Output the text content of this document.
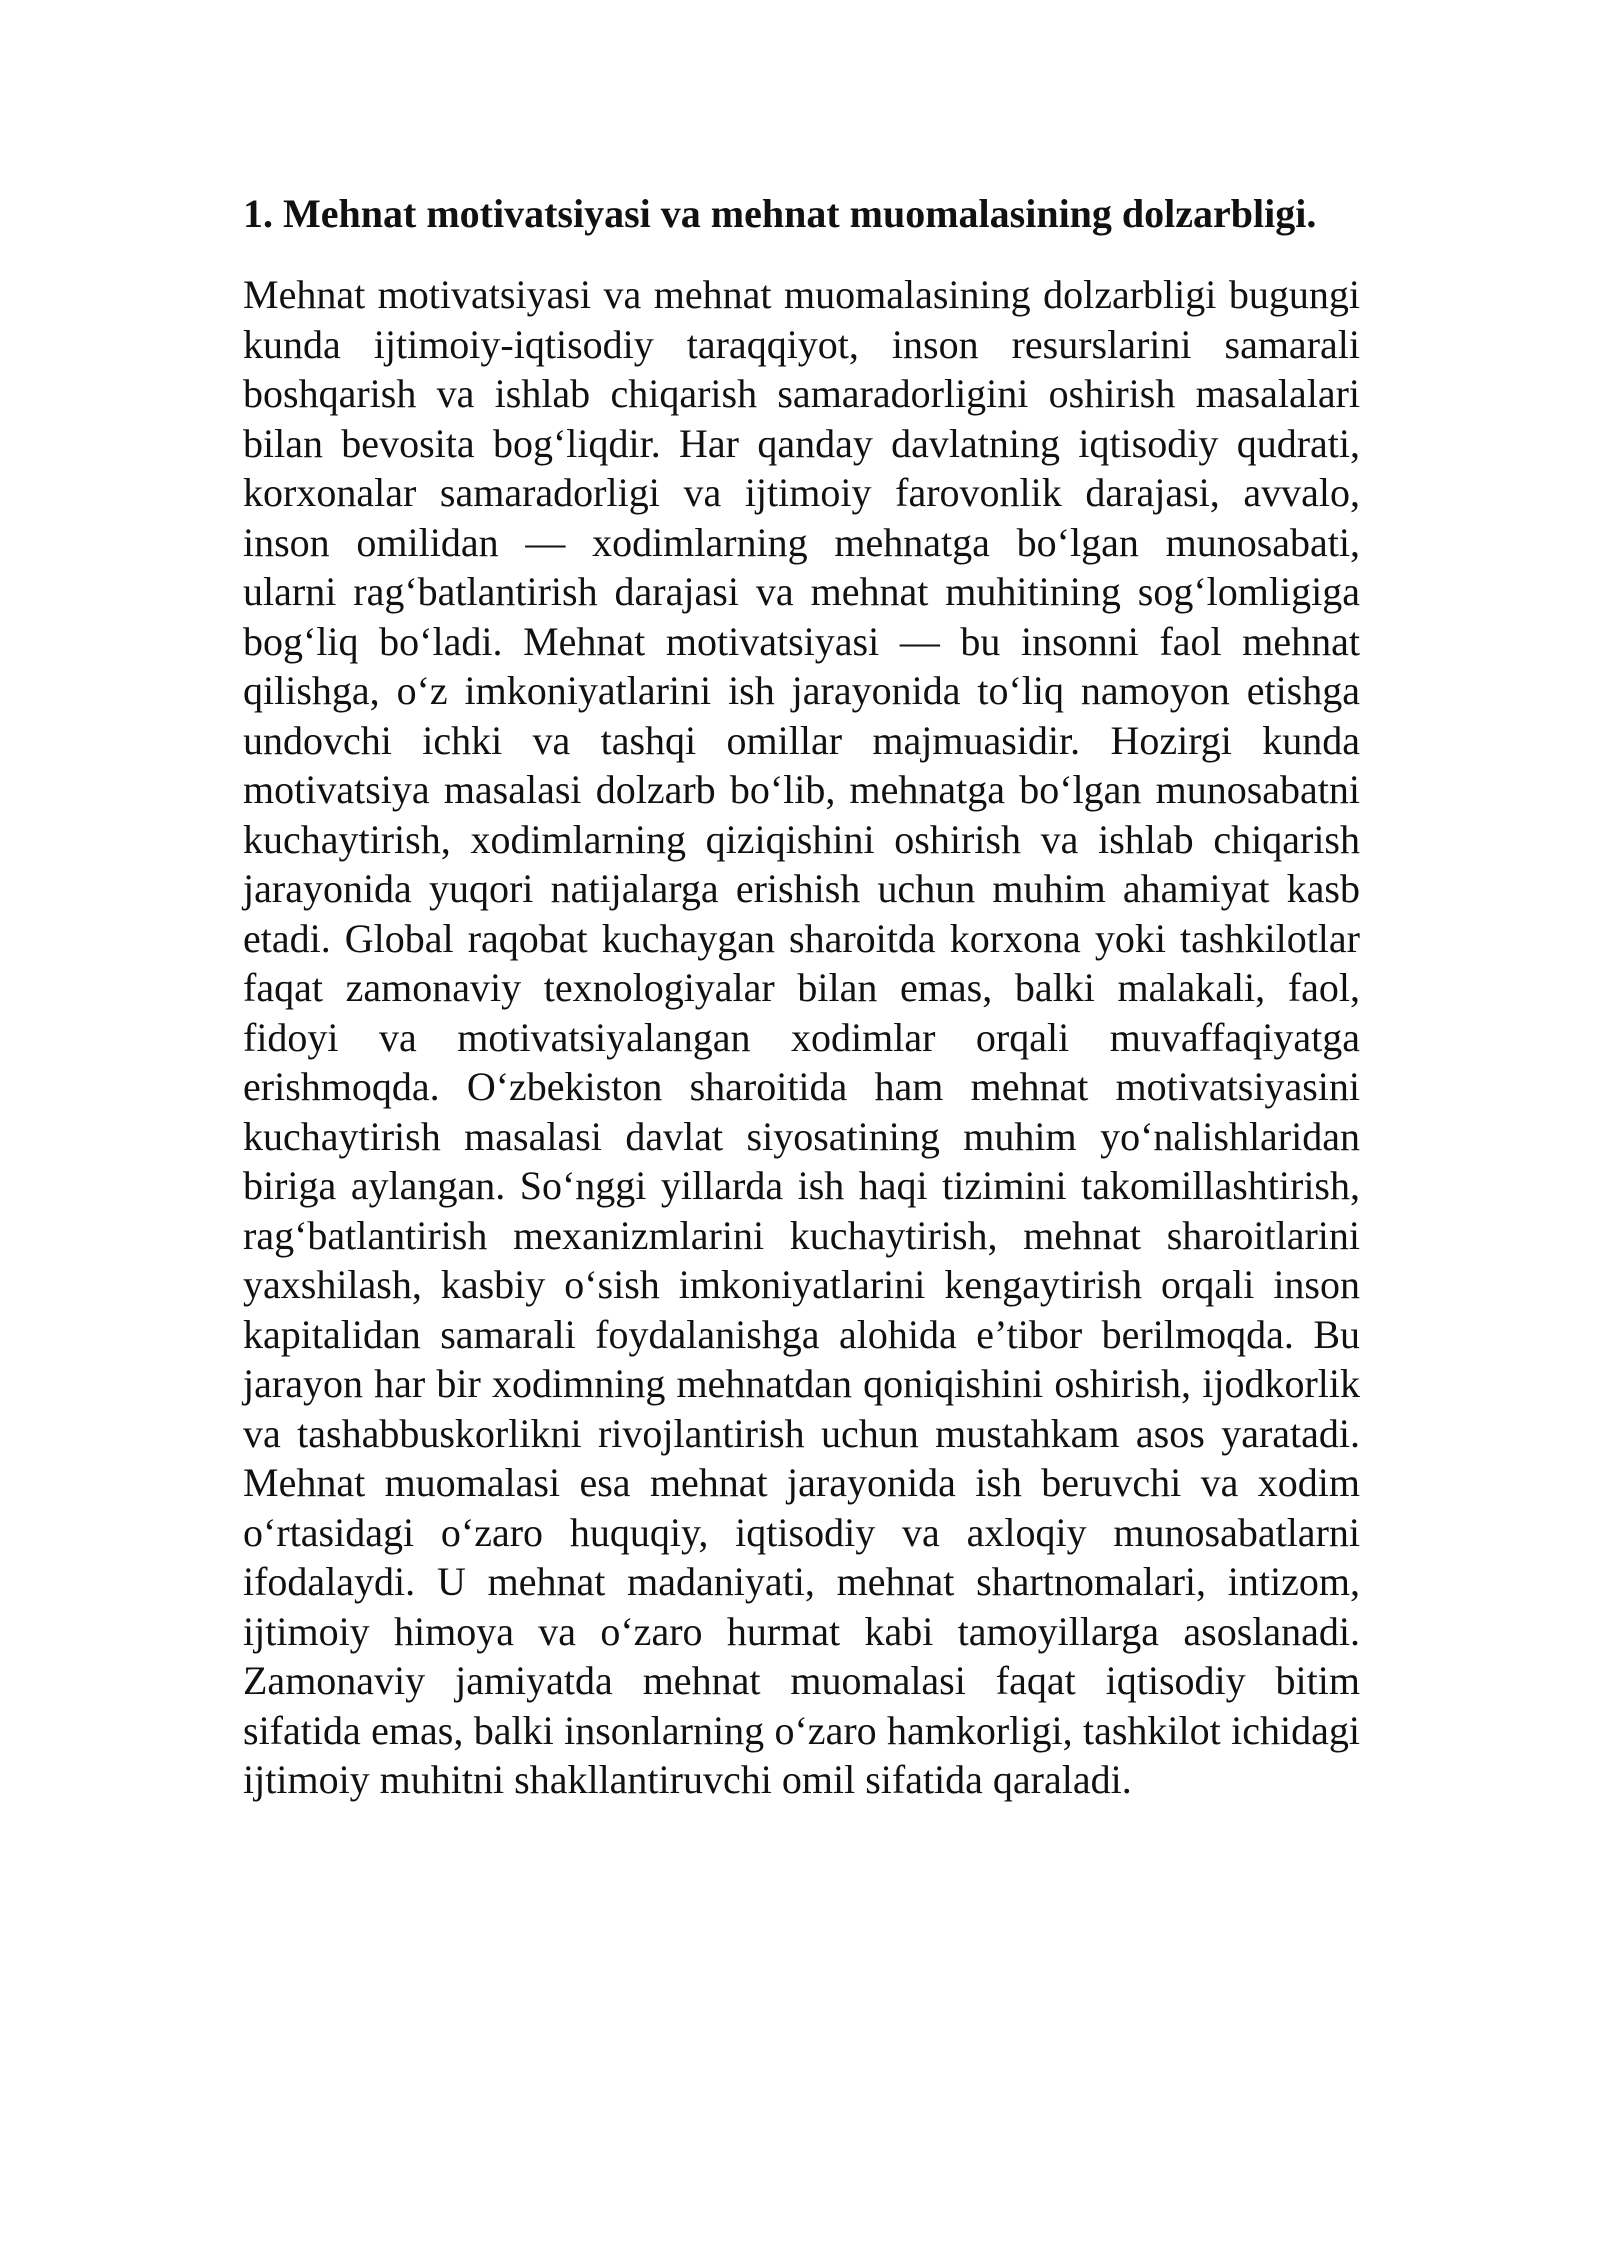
1. Mehnat motivatsiyasi va mehnat muomalasining dolzarbligi.

Mehnat motivatsiyasi va mehnat muomalasining dolzarbligi bugungi kunda ijtimoiy-iqtisodiy taraqqiyot, inson resurslarini samarali boshqarish va ishlab chiqarish samaradorligini oshirish masalalari bilan bevosita bog‘liqdir. Har qanday davlatning iqtisodiy qudrati, korxonalar samaradorligi va ijtimoiy farovonlik darajasi, avvalo, inson omilidan — xodimlarning mehnatga bo‘lgan munosabati, ularni rag‘batlantirish darajasi va mehnat muhitining sog‘lomligiga bog‘liq bo‘ladi. Mehnat motivatsiyasi — bu insonni faol mehnat qilishga, o‘z imkoniyatlarini ish jarayonida to‘liq namoyon etishga undovchi ichki va tashqi omillar majmuasidir. Hozirgi kunda motivatsiya masalasi dolzarb bo‘lib, mehnatga bo‘lgan munosabatni kuchaytirish, xodimlarning qiziqishini oshirish va ishlab chiqarish jarayonida yuqori natijalarga erishish uchun muhim ahamiyat kasb etadi. Global raqobat kuchaygan sharoitda korxona yoki tashkilotlar faqat zamonaviy texnologiyalar bilan emas, balki malakali, faol, fidoyi va motivatsiyalangan xodimlar orqali muvaffaqiyatga erishmoqda. O‘zbekiston sharoitida ham mehnat motivatsiyasini kuchaytirish masalasi davlat siyosatining muhim yo‘nalishlaridan biriga aylangan. So‘nggi yillarda ish haqi tizimini takomillashtirish, rag‘batlantirish mexanizmlarini kuchaytirish, mehnat sharoitlarini yaxshilash, kasbiy o‘sish imkoniyatlarini kengaytirish orqali inson kapitalidan samarali foydalanishga alohida e’tibor berilmoqda. Bu jarayon har bir xodimning mehnatdan qoniqishini oshirish, ijodkorlik va tashabbuskorlikni rivojlantirish uchun mustahkam asos yaratadi. Mehnat muomalasi esa mehnat jarayonida ish beruvchi va xodim o‘rtasidagi o‘zaro huquqiy, iqtisodiy va axloqiy munosabatlarni ifodalaydi. U mehnat madaniyati, mehnat shartnomalari, intizom, ijtimoiy himoya va o‘zaro hurmat kabi tamoyillarga asoslanadi.  Zamonaviy jamiyatda mehnat muomalasi faqat iqtisodiy bitim sifatida emas, balki insonlarning o‘zaro hamkorligi, tashkilot ichidagi ijtimoiy muhitni shakllantiruvchi omil sifatida qaraladi.
